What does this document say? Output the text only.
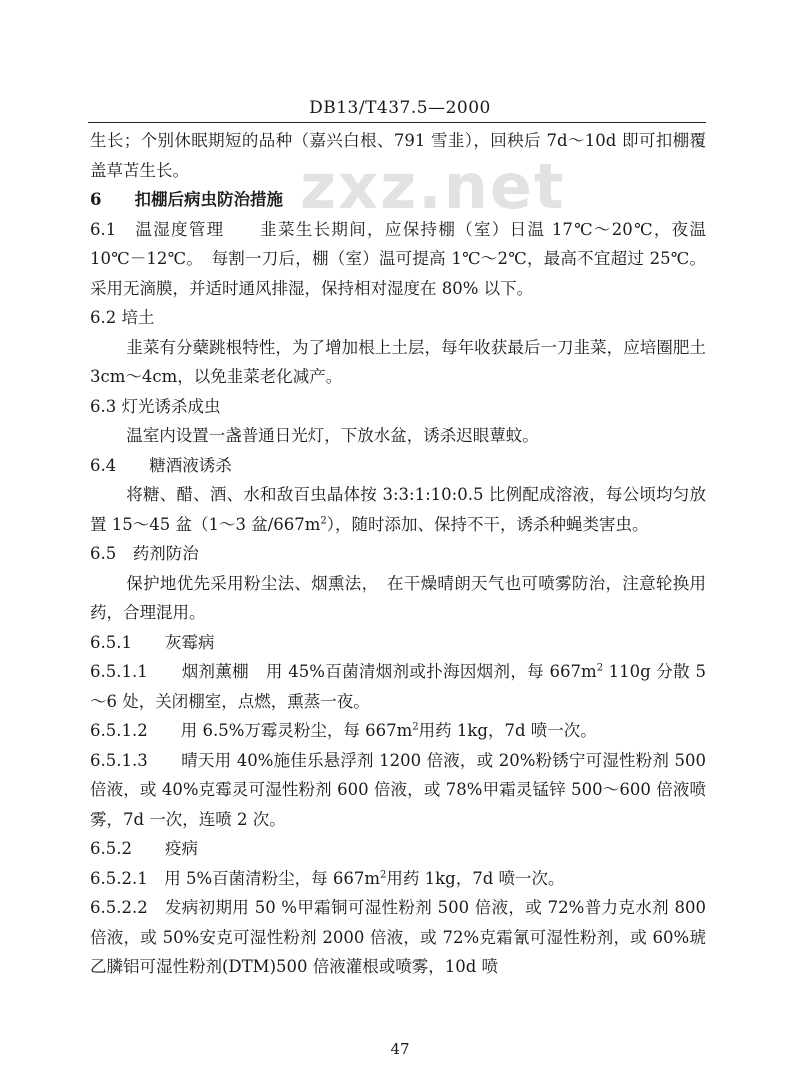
DB13/T437.5—2000
zxz.net

生长；个别休眠期短的品种（嘉兴白根、791 雪韭），回秧后 7d～10d 即可扣棚覆盖草苫生长。

6　　扣棚后病虫防治措施

6.1　温湿度管理　　韭菜生长期间，应保持棚（室）日温 17℃～20℃，夜温 10℃－12℃。　每割一刀后，棚（室）温可提高 1℃～2℃，最高不宜超过 25℃。采用无滴膜，并适时通风排湿，保持相对湿度在 80% 以下。

6.2 培土

韭菜有分蘖跳根特性，为了增加根上土层，每年收获最后一刀韭菜，应培圈肥土 3cm～4cm，以免韭菜老化减产。

6.3 灯光诱杀成虫

温室内设置一盏普通日光灯，下放水盆，诱杀迟眼蕈蚊。

6.4　　糖酒液诱杀

将糖、醋、酒、水和敌百虫晶体按 3:3:1:10:0.5 比例配成溶液，每公顷均匀放置 15～45 盆（1～3 盆$/667m^2$），随时添加、保持不干，诱杀种蝇类害虫。

6.5　药剂防治

保护地优先采用粉尘法、烟熏法，　在干燥晴朗天气也可喷雾防治，注意轮换用药，合理混用。

6.5.1　　灰霉病

6.5.1.1　　烟剂薰棚　用 45%百菌清烟剂或扑海因烟剂，每 $667m^2$ 110g 分散 5～6 处，关闭棚室，点燃，熏蒸一夜。

6.5.1.2　　用 6.5%万霉灵粉尘，每 $667m^2$用药 1kg，7d 喷一次。

6.5.1.3　　晴天用 40%施佳乐悬浮剂 1200 倍液，或 20%粉锈宁可湿性粉剂 500 倍液，或 40%克霉灵可湿性粉剂 600 倍液，或 78%甲霜灵锰锌 500～600 倍液喷雾，7d 一次，连喷 2 次。

6.5.2　　疫病

6.5.2.1　用 5%百菌清粉尘，每 $667m^2$用药 1kg，7d 喷一次。

6.5.2.2　发病初期用 50 %甲霜铜可湿性粉剂 500 倍液，或 72%普力克水剂 800 倍液，或 50%安克可湿性粉剂 2000 倍液，或 72%克霜氰可湿性粉剂，或 60%琥乙膦铝可湿性粉剂(DTM)500 倍液灌根或喷雾，10d 喷

47
